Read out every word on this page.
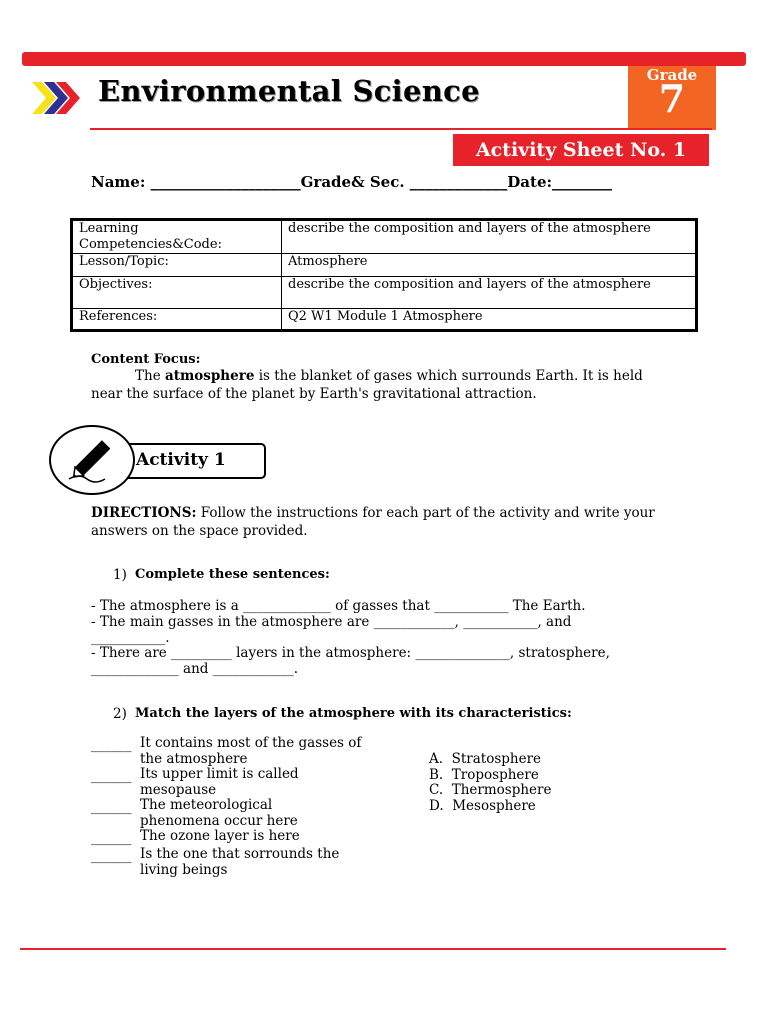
Environmental Science	Grade
7
Activity Sheet No. 1
Name: ____________________Grade& Sec. _____________Date:________
Learning
Competencies&Code:	describe the composition and layers of the atmosphere
Lesson/Topic:	Atmosphere
Objectives:	describe the composition and layers of the atmosphere
References:	Q2 W1 Module 1 Atmosphere
Content Focus:
The atmosphere is the blanket of gases which surrounds Earth. It is held near the surface of the planet by Earth's gravitational attraction.
Activity 1
DIRECTIONS: Follow the instructions for each part of the activity and write your answers on the space provided.
1) Complete these sentences:
- The atmosphere is a _____________ of gasses that ___________ The Earth.
- The main gasses in the atmosphere are ____________, ___________, and
___________.
- There are _________ layers in the atmosphere: ______________, stratosphere,
_____________ and ____________.
2) Match the layers of the atmosphere with its characteristics:
______ It contains most of the gasses of the atmosphere
______ Its upper limit is called mesopause
______ The meteorological phenomena occur here
______ The ozone layer is here
______ Is the one that sorrounds the living beings
A.  Stratosphere
B.  Troposphere
C.  Thermosphere
D.  Mesosphere
